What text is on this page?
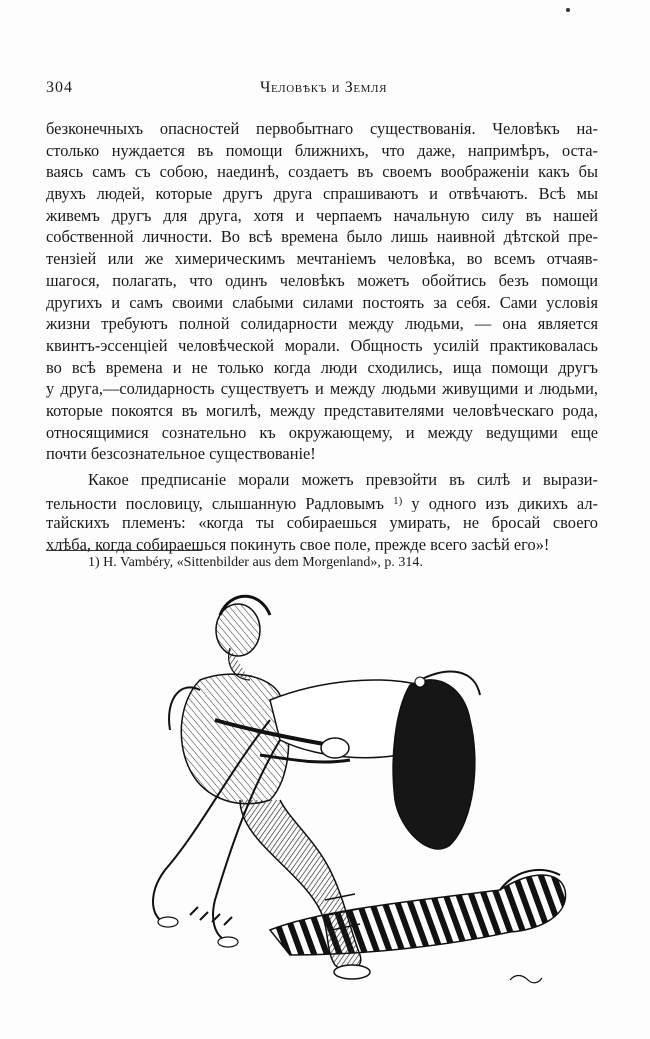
304	Человѣкъ и Земля
безконечныхъ опасностей первобытнаго существованія. Человѣкъ на-
столько нуждается въ помощи ближнихъ, что даже, напримѣръ, оста-
ваясь самъ съ собою, наединѣ, создаетъ въ своемъ воображеніи какъ бы
двухъ людей, которые другъ друга спрашиваютъ и отвѣчаютъ. Всѣ мы
живемъ другъ для друга, хотя и черпаемъ начальную силу въ нашей
собственной личности. Во всѣ времена было лишь наивной дѣтской пре-
тензіей или же химерическимъ мечтаніемъ человѣка, во всемъ отчаяв-
шагося, полагать, что одинъ человѣкъ можетъ обойтись безъ помощи
другихъ и самъ своими слабыми силами постоять за себя. Сами условія
жизни требуютъ полной солидарности между людьми, — она является
квинтъ-эссенціей человѣческой морали. Общность усилій практиковалась
во всѣ времена и не только когда люди сходились, ища помощи другъ
у друга,—солидарность существуетъ и между людьми живущими и людьми,
которые покоятся въ могилѣ, между представителями человѣческаго рода,
относящимися сознательно къ окружающему, и между ведущими еще
почти безсознательное существованіе!
Какое предписаніе морали можетъ превзойти въ силѣ и вырази-
тельности пословицу, слышанную Радловымъ $^{1)}$ у одного изъ дикихъ ал-
тайскихъ племенъ: «когда ты собираешься умирать, не бросай своего
хлѣба, когда собираешься покинуть свое поле, прежде всего засѣй его»!
1) H. Vambéry, «Sittenbilder aus dem Morgenland», p. 314.
